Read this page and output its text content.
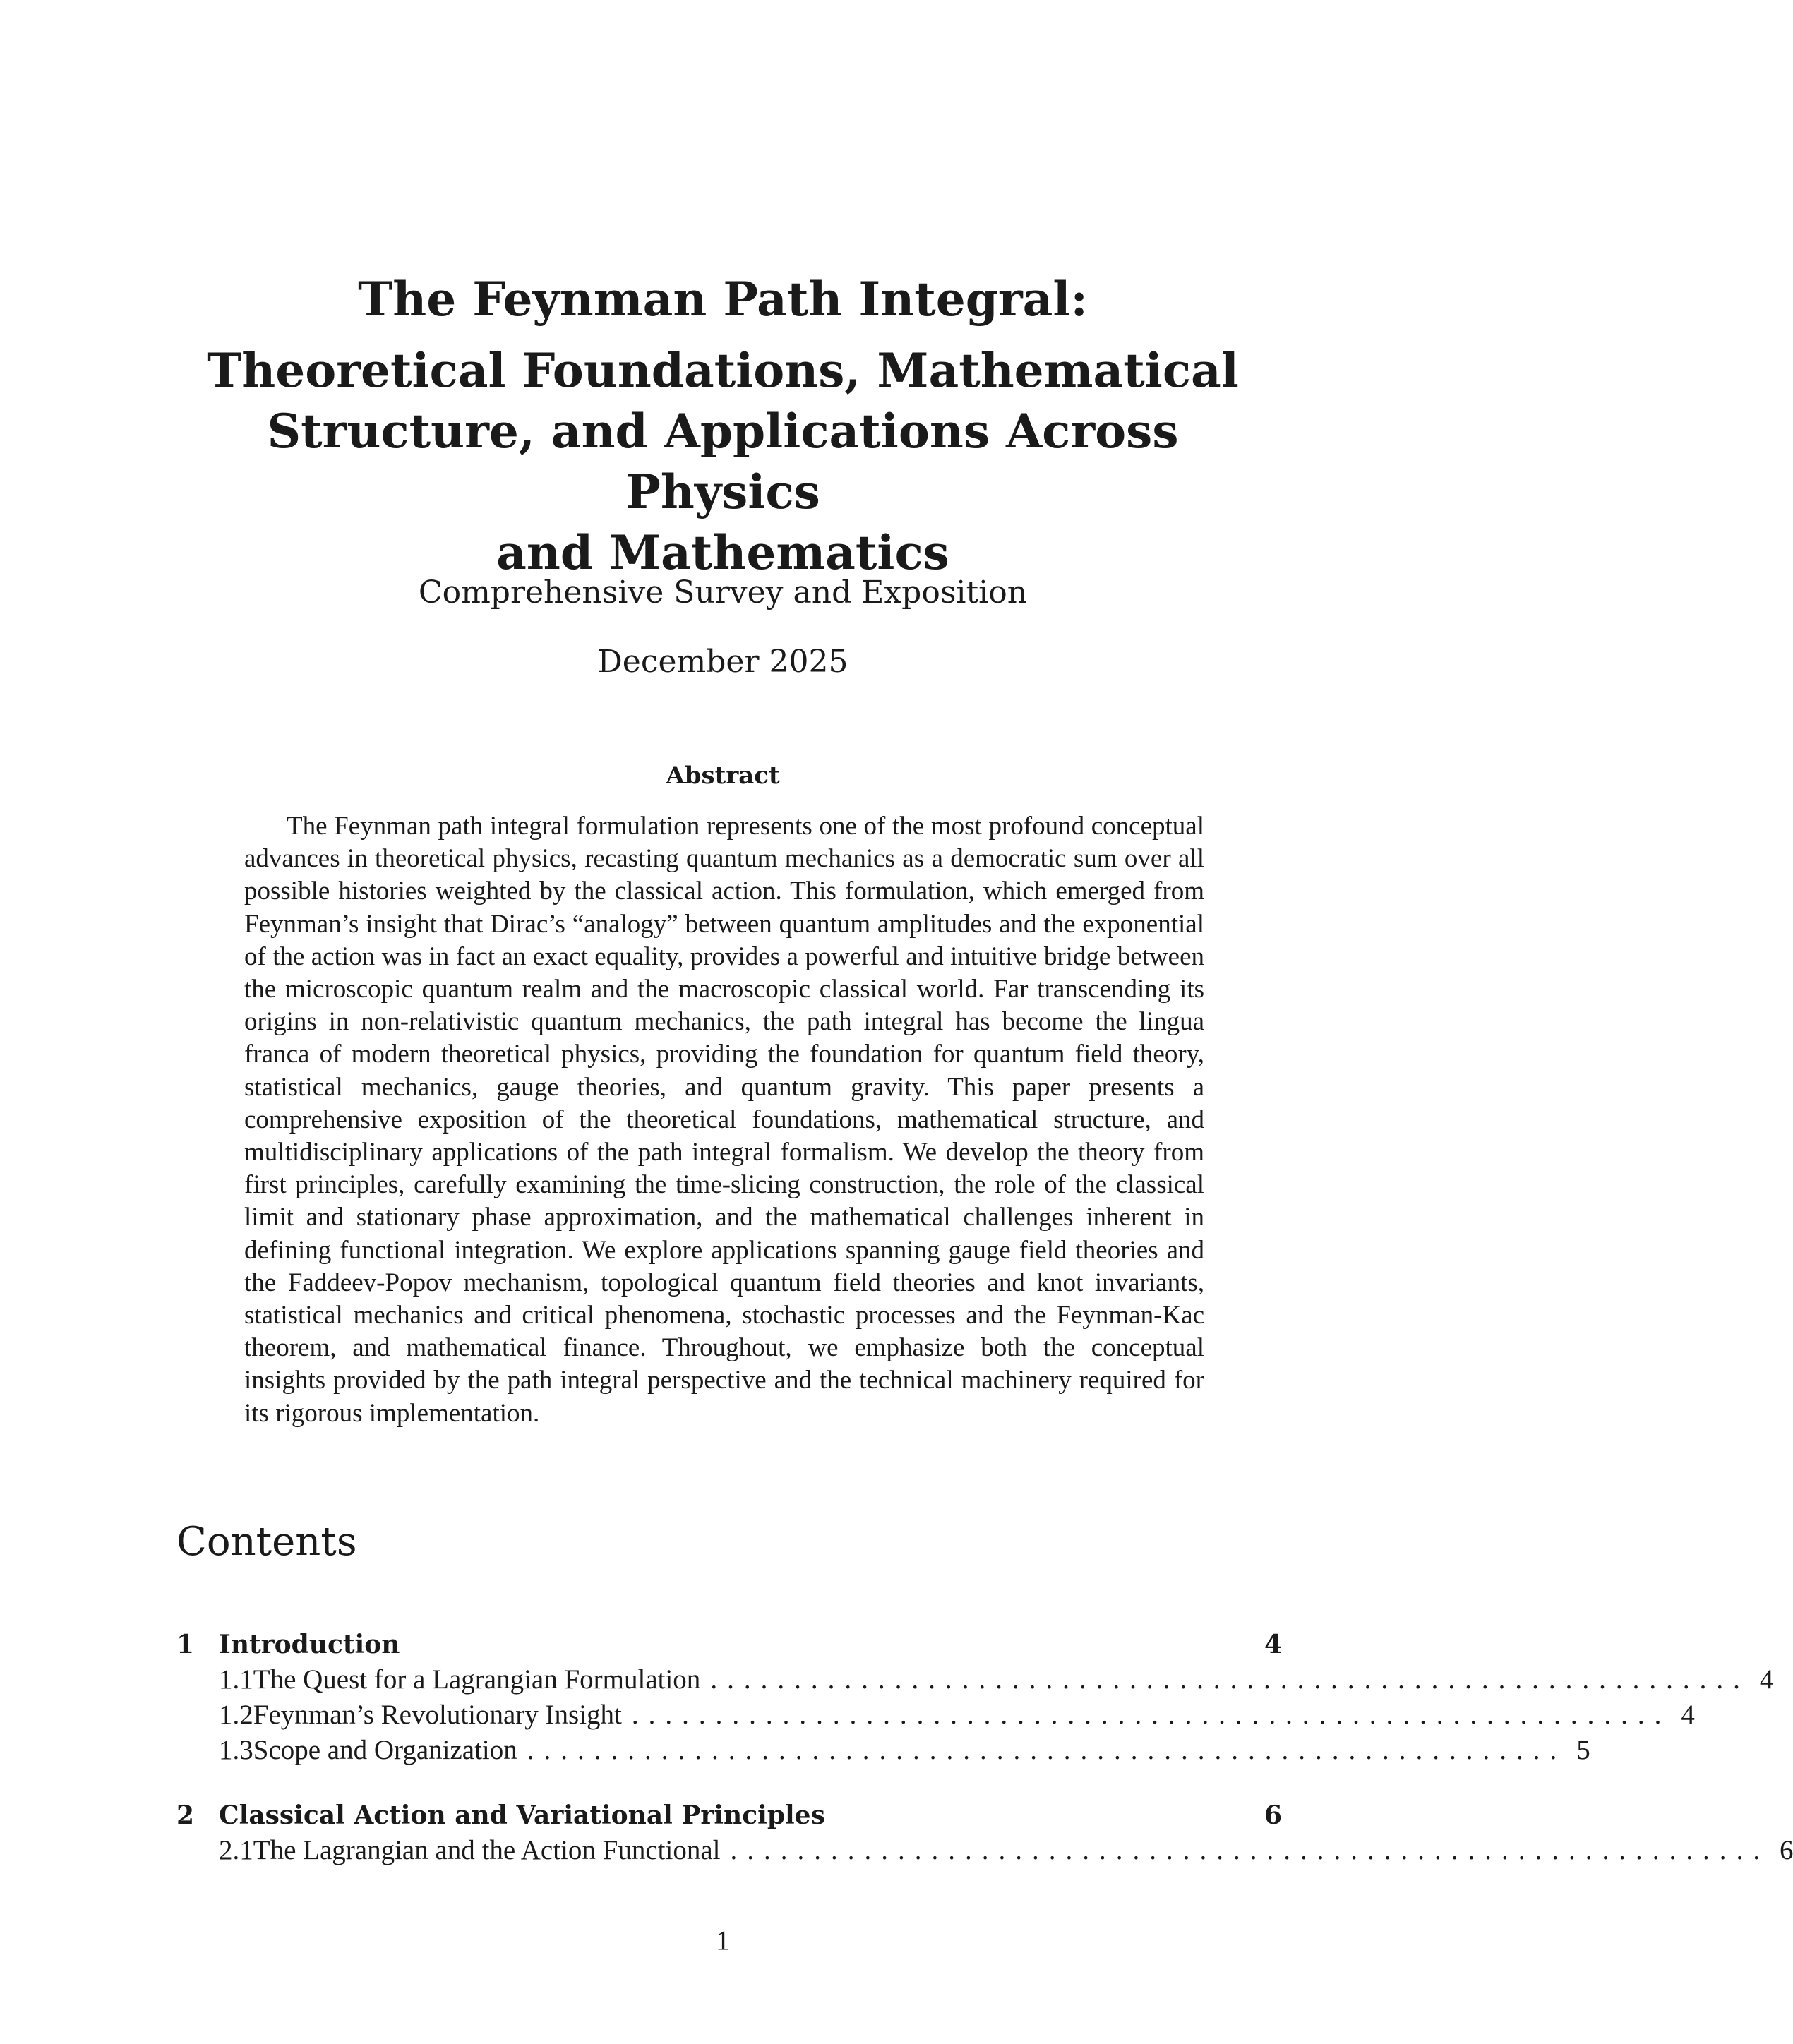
The Feynman Path Integral:
Theoretical Foundations, Mathematical
Structure, and Applications Across Physics
and Mathematics
Comprehensive Survey and Exposition
December 2025
Abstract

The Feynman path integral formulation represents one of the most profound conceptual advances in theoretical physics, recasting quantum mechanics as a democratic sum over all possible histories weighted by the classical action. This formulation, which emerged from Feynman’s insight that Dirac’s “analogy” between quantum amplitudes and the exponential of the action was in fact an exact equality, provides a powerful and intuitive bridge between the microscopic quantum realm and the macroscopic classical world. Far transcending its origins in non-relativistic quantum mechanics, the path integral has become the lingua franca of modern theoretical physics, providing the foundation for quantum field theory, statistical mechanics, gauge theories, and quantum gravity. This paper presents a comprehensive exposition of the theoretical foundations, mathematical structure, and multidisciplinary applications of the path integral formalism. We develop the theory from first principles, carefully examining the time-slicing construction, the role of the classical limit and stationary phase approximation, and the mathematical challenges inherent in defining functional integration. We explore applications spanning gauge field theories and the Faddeev-Popov mechanism, topological quantum field theories and knot invariants, statistical mechanics and critical phenomena, stochastic processes and the Feynman-Kac theorem, and mathematical finance. Throughout, we emphasize both the conceptual insights provided by the path integral perspective and the technical machinery required for its rigorous implementation.

Contents
1 Introduction	4
1.1 The Quest for a Lagrangian Formulation .............................................................. 4
1.2 Feynman’s Revolutionary Insight .............................................................. 4
1.3 Scope and Organization .............................................................. 5
2 Classical Action and Variational Principles	6
2.1 The Lagrangian and the Action Functional .............................................................. 6
1
